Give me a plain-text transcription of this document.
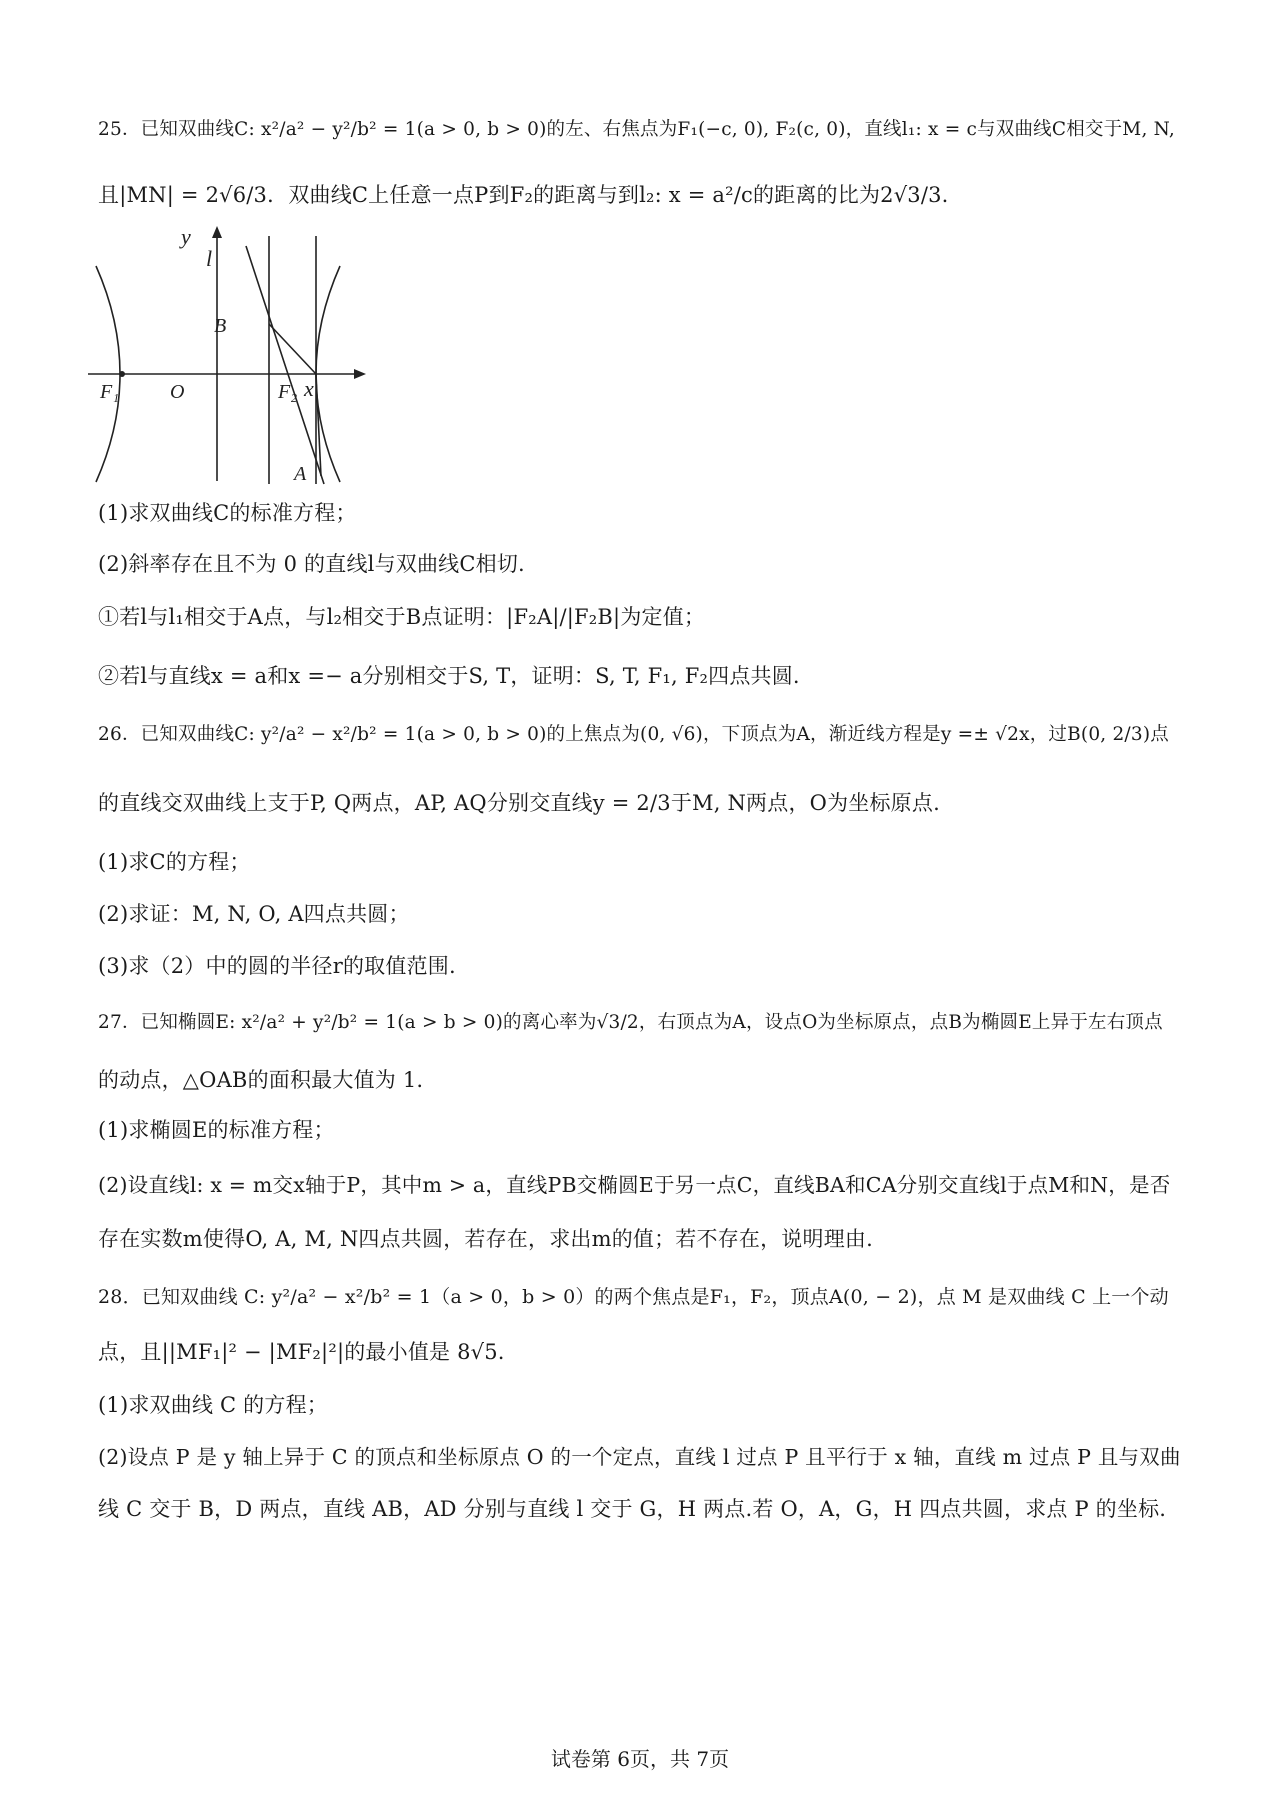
25．已知双曲线C: x²/a² − y²/b² = 1(a > 0, b > 0)的左、右焦点为F₁(−c, 0), F₂(c, 0)，直线l₁: x = c与双曲线C相交于M, N,
且|MN| = 2√6/3．双曲线C上任意一点P到F₂的距离与到l₂: x = a²/c的距离的比为2√3/3.
y
l
B
F₁	O	F₂ x
A
(1)求双曲线C的标准方程；
(2)斜率存在且不为 0 的直线l与双曲线C相切.
①若l与l₁相交于A点，与l₂相交于B点证明：|F₂A|/|F₂B|为定值；
②若l与直线x = a和x =− a分别相交于S, T，证明：S, T, F₁, F₂四点共圆.
26．已知双曲线C: y²/a² − x²/b² = 1(a > 0, b > 0)的上焦点为(0, √6)，下顶点为A，渐近线方程是y =± √2x，过B(0, 2/3)点
的直线交双曲线上支于P, Q两点，AP, AQ分别交直线y = 2/3于M, N两点，O为坐标原点.
(1)求C的方程；
(2)求证：M, N, O, A四点共圆；
(3)求（2）中的圆的半径r的取值范围.
27．已知椭圆E: x²/a² + y²/b² = 1(a > b > 0)的离心率为√3/2，右顶点为A，设点O为坐标原点，点B为椭圆E上异于左右顶点
的动点，△OAB的面积最大值为 1.
(1)求椭圆E的标准方程；
(2)设直线l: x = m交x轴于P，其中m > a，直线PB交椭圆E于另一点C，直线BA和CA分别交直线l于点M和N，是否
存在实数m使得O, A, M, N四点共圆，若存在，求出m的值；若不存在，说明理由.
28．已知双曲线 C: y²/a² − x²/b² = 1（a > 0，b > 0）的两个焦点是F₁，F₂，顶点A(0, − 2)，点 M 是双曲线 C 上一个动
点，且||MF₁|² − |MF₂|²|的最小值是 8√5.
(1)求双曲线 C 的方程；
(2)设点 P 是 y 轴上异于 C 的顶点和坐标原点 O 的一个定点，直线 l 过点 P 且平行于 x 轴，直线 m 过点 P 且与双曲
线 C 交于 B，D 两点，直线 AB，AD 分别与直线 l 交于 G，H 两点.若 O，A，G，H 四点共圆，求点 P 的坐标.
试卷第 6页，共 7页
